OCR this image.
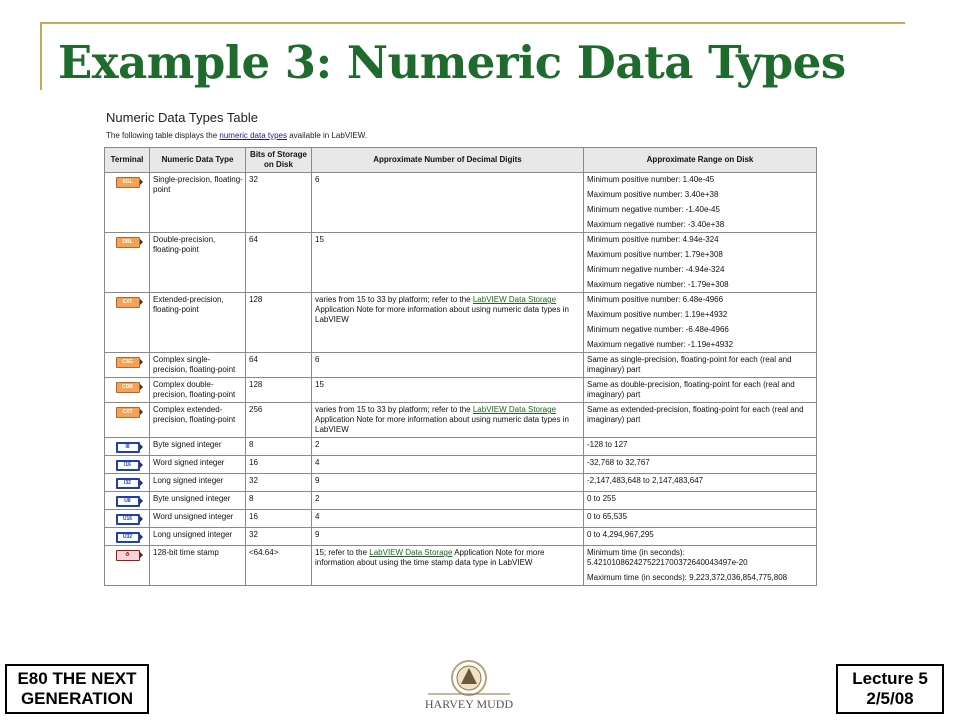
Example 3: Numeric Data Types
Numeric Data Types Table
The following table displays the numeric data types available in LabVIEW.
Terminal	Numeric Data Type	Bits of Storage on Disk	Approximate Number of Decimal Digits	Approximate Range on Disk
SGL	Single-precision, floating-point	32	6	Minimum positive number: 1.40e-45
Maximum positive number: 3.40e+38
Minimum negative number: -1.40e-45
Maximum negative number: -3.40e+38

DBL	Double-precision, floating-point	64	15	Minimum positive number: 4.94e-324
Maximum positive number: 1.79e+308
Minimum negative number: -4.94e-324
Maximum negative number: -1.79e+308

EXT	Extended-precision, floating-point	128	varies from 15 to 33 by platform; refer to the LabVIEW Data Storage Application Note for more information about using numeric data types in LabVIEW	Minimum positive number: 6.48e-4966
Maximum positive number: 1.19e+4932
Minimum negative number: -6.48e-4966
Maximum negative number: -1.19e+4932

CSG	Complex single-precision, floating-point	64	6	Same as single-precision, floating-point for each (real and imaginary) part

CDB	Complex double-precision, floating-point	128	15	Same as double-precision, floating-point for each (real and imaginary) part

CXT	Complex extended-precision, floating-point	256	varies from 15 to 33 by platform; refer to the LabVIEW Data Storage Application Note for more information about using numeric data types in LabVIEW	Same as extended-precision, floating-point for each (real and imaginary) part

I8	Byte signed integer	8	2	-128 to 127

I16	Word signed integer	16	4	-32,768 to 32,767

I32	Long signed integer	32	9	-2,147,483,648 to 2,147,483,647

U8	Byte unsigned integer	8	2	0 to 255

U16	Word unsigned integer	16	4	0 to 65,535

U32	Long unsigned integer	32	9	0 to 4,294,967,295

⏱	128-bit time stamp	<64.64>	15; refer to the LabVIEW Data Storage Application Note for more information about using the time stamp data type in LabVIEW	Minimum time (in seconds): 5.4210108624275221700372640043497e-20
Maximum time (in seconds): 9,223,372,036,854,775,808
E80 THE NEXT
GENERATION	HARVEY MUDD
Lecture 5
2/5/08
